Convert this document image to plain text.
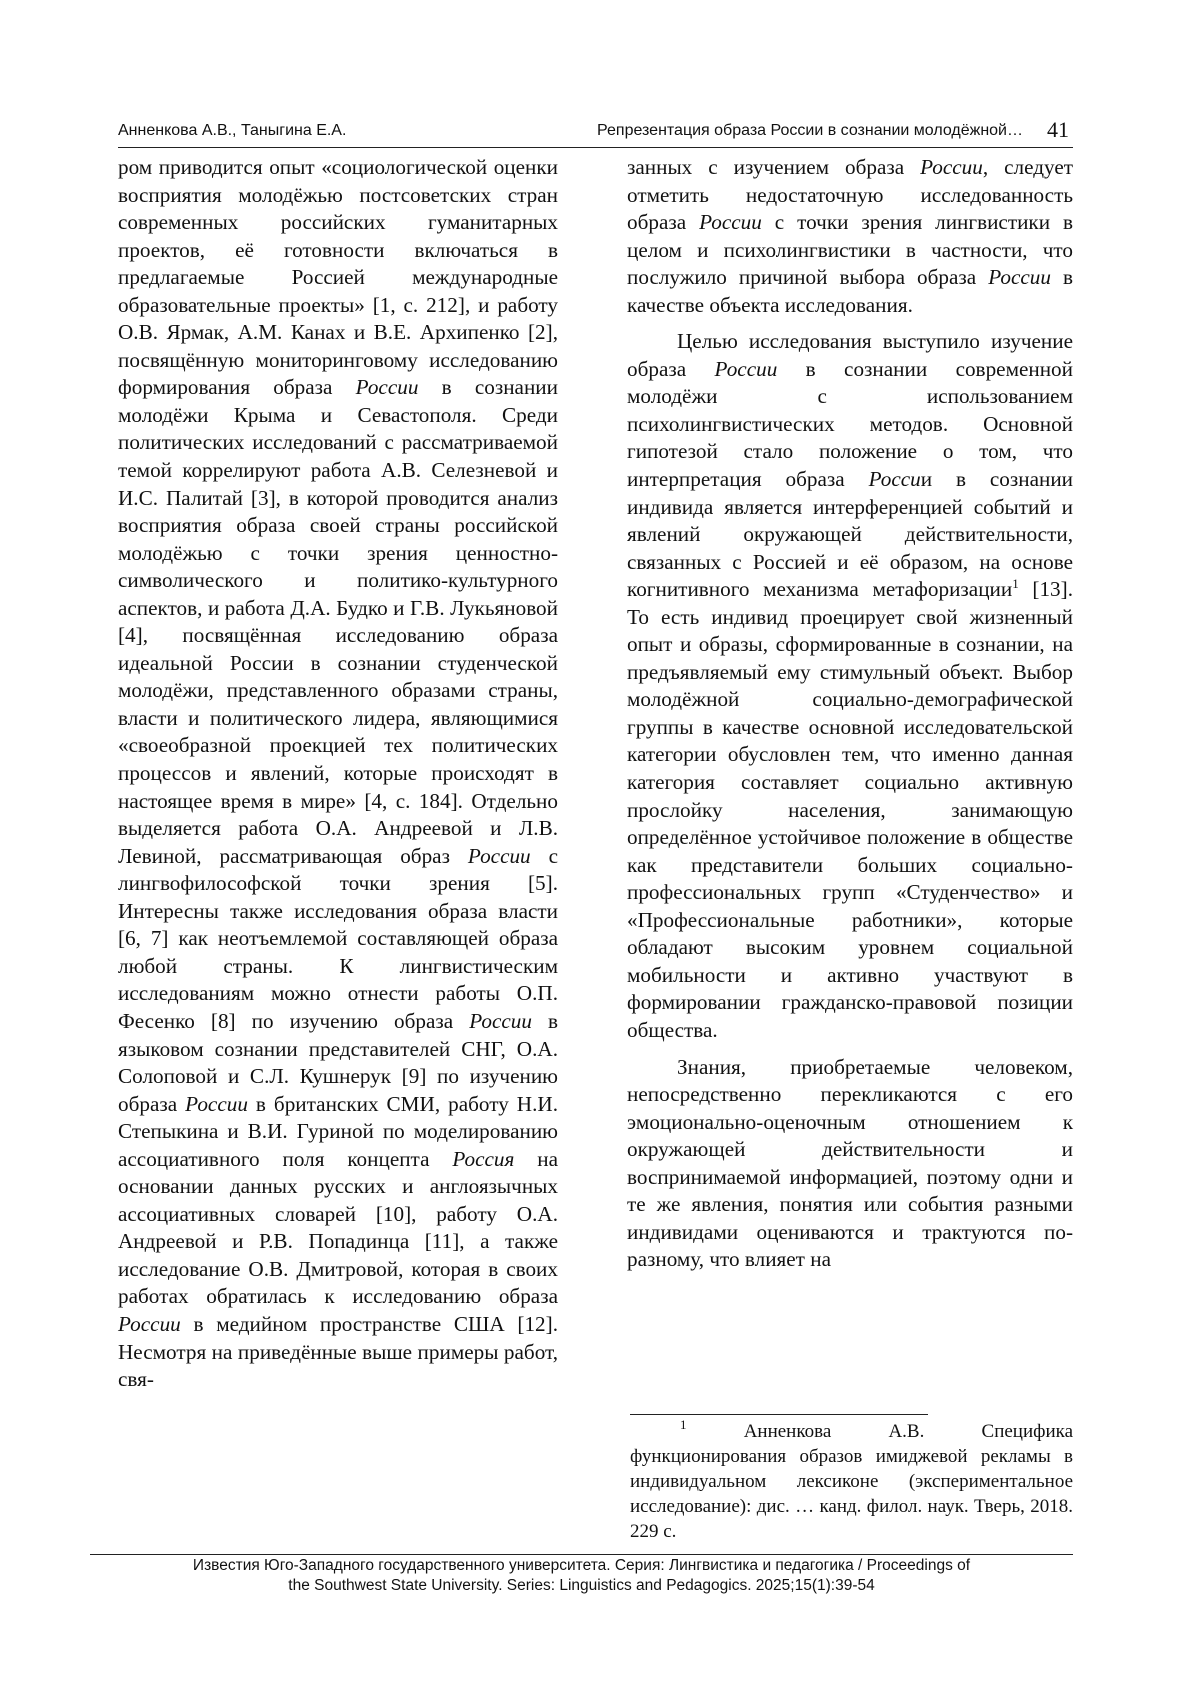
Анненкова А.В., Таныгина Е.А.	Репрезентация образа России в сознании молодёжной… 41

ром приводится опыт «социологической оценки восприятия молодёжью постсоветских стран современных российских гуманитарных проектов, её готовности включаться в предлагаемые Россией международные образовательные проекты» [1, с. 212], и работу О.В. Ярмак, А.М. Канах и В.Е. Архипенко [2], посвящённую мониторинговому исследованию формирования образа России в сознании молодёжи Крыма и Севастополя. Среди политических исследований с рассматриваемой темой коррелируют работа А.В. Селезневой и И.С. Палитай [3], в которой проводится анализ восприятия образа своей страны российской молодёжью с точки зрения ценностно-символического и политико-культурного аспектов, и работа Д.А. Будко и Г.В. Лукьяновой [4], посвящённая исследованию образа идеальной России в сознании студенческой молодёжи, представленного образами страны, власти и политического лидера, являющимися «своеобразной проекцией тех политических процессов и явлений, которые происходят в настоящее время в мире» [4, с. 184]. Отдельно выделяется работа О.А. Андреевой и Л.В. Левиной, рассматривающая образ России с лингвофилософской точки зрения [5]. Интересны также исследования образа власти [6, 7] как неотъемлемой составляющей образа любой страны. К лингвистическим исследованиям можно отнести работы О.П. Фесенко [8] по изучению образа России в языковом сознании представителей СНГ, О.А. Солоповой и С.Л. Кушнерук [9] по изучению образа России в британских СМИ, работу Н.И. Степыкина и В.И. Гуриной по моделированию ассоциативного поля концепта Россия на основании данных русских и англоязычных ассоциативных словарей [10], работу О.А. Андреевой и Р.В. Попадинца [11], а также исследование О.В. Дмитровой, которая в своих работах обратилась к исследованию образа России в медийном пространстве США [12]. Несмотря на приведённые выше примеры работ, свя-

занных с изучением образа России, следует отметить недостаточную исследованность образа России с точки зрения лингвистики в целом и психолингвистики в частности, что послужило причиной выбора образа России в качестве объекта исследования.

Целью исследования выступило изучение образа России в сознании современной молодёжи с использованием психолингвистических методов. Основной гипотезой стало положение о том, что интерпретация образа России в сознании индивида является интерференцией событий и явлений окружающей действительности, связанных с Россией и её образом, на основе когнитивного механизма метафоризации$^1$ [13]. То есть индивид проецирует свой жизненный опыт и образы, сформированные в сознании, на предъявляемый ему стимульный объект. Выбор молодёжной социально-демографической группы в качестве основной исследовательской категории обусловлен тем, что именно данная категория составляет социально активную прослойку населения, занимающую определённое устойчивое положение в обществе как представители больших социально-профессиональных групп «Студенчество» и «Профессиональные работники», которые обладают высоким уровнем социальной мобильности и активно участвуют в формировании гражданско-правовой позиции общества.

Знания, приобретаемые человеком, непосредственно перекликаются с его эмоционально-оценочным отношением к окружающей действительности и воспринимаемой информацией, поэтому одни и те же явления, понятия или события разными индивидами оцениваются и трактуются по-разному, что влияет на

$^1$	Анненкова А.В. Специфика функционирования образов имиджевой рекламы в индивидуальном лексиконе (экспериментальное исследование): дис. … канд. филол. наук. Тверь, 2018. 229 с.
Известия Юго-Западного государственного университета. Серия: Лингвистика и педагогика / Proceedings of
the Southwest State University. Series: Linguistics and Pedagogics. 2025;15(1):39-54
